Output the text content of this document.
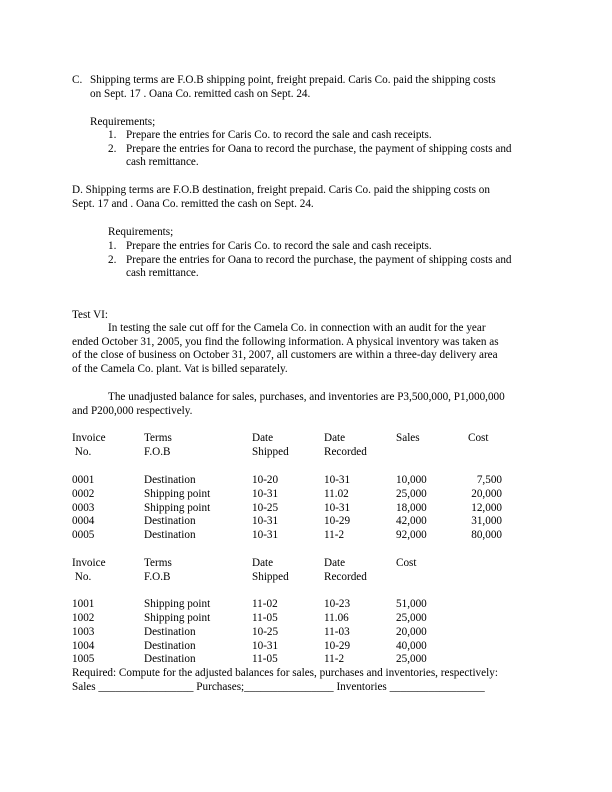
C. Shipping terms are F.O.B shipping point, freight prepaid. Caris Co. paid the shipping costs
on Sept. 17 . Oana Co. remitted cash on Sept. 24.
Requirements;
1. Prepare the entries for Caris Co. to record the sale and cash receipts.
2. Prepare the entries for Oana to record the purchase, the payment of shipping costs and
cash remittance.
D. Shipping terms are F.O.B destination, freight prepaid. Caris Co. paid the shipping costs on
Sept. 17 and . Oana Co. remitted the cash on Sept. 24.
Requirements;
1. Prepare the entries for Caris Co. to record the sale and cash receipts.
2. Prepare the entries for Oana to record the purchase, the payment of shipping costs and
cash remittance.
Test VI:
In testing the sale cut off for the Camela Co. in connection with an audit for the year
ended October 31, 2005, you find the following information. A physical inventory was taken as
of the close of business on October 31, 2007, all customers are within a three-day delivery area
of the Camela Co. plant. Vat is billed separately.
The unadjusted balance for sales, purchases, and inventories are P3,500,000, P1,000,000
and P200,000 respectively.
Invoice	Terms	Date	Date	Sales	Cost
No.	F.O.B	Shipped	Recorded
0001	Destination	10-20	10-31	10,000	7,500
0002	Shipping point	10-31	11.02	25,000	20,000
0003	Shipping point	10-25	10-31	18,000	12,000
0004	Destination	10-31	10-29	42,000	31,000
0005	Destination	10-31	11-2	92,000	80,000
Invoice	Terms	Date	Date	Cost
No.	F.O.B	Shipped	Recorded
1001	Shipping point	11-02	10-23	51,000
1002	Shipping point	11-05	11.06	25,000
1003	Destination	10-25	11-03	20,000
1004	Destination	10-31	10-29	40,000
1005	Destination	11-05	11-2	25,000
Required: Compute for the adjusted balances for sales, purchases and inventories, respectively:
Sales _________________ Purchases;________________ Inventories _________________
